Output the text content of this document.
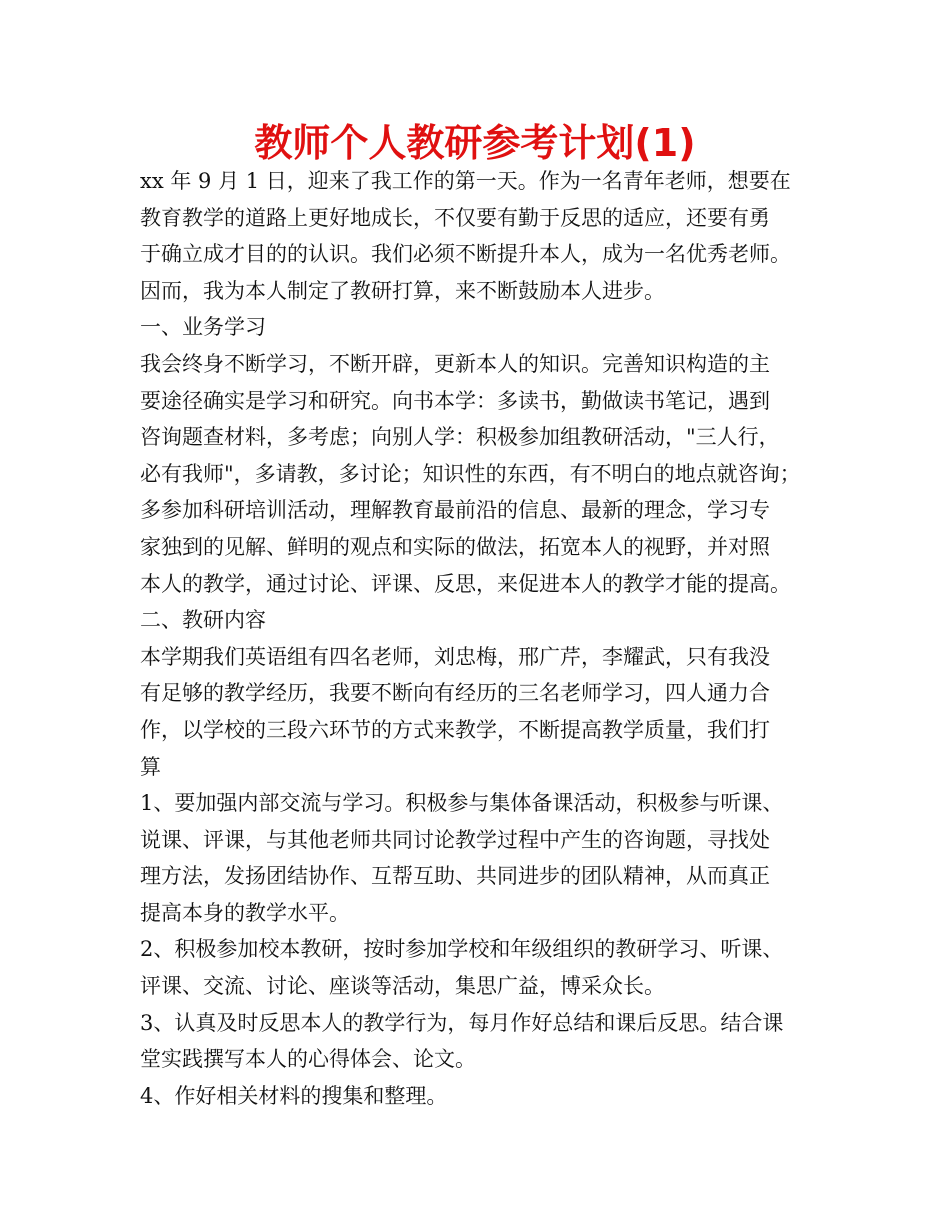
教师个人教研参考计划(1)
xx 年 9 月 1 日，迎来了我工作的第一天。作为一名青年老师，想要在
教育教学的道路上更好地成长，不仅要有勤于反思的适应，还要有勇
于确立成才目的的认识。我们必须不断提升本人，成为一名优秀老师。
因而，我为本人制定了教研打算，来不断鼓励本人进步。
一、业务学习
我会终身不断学习，不断开辟，更新本人的知识。完善知识构造的主
要途径确实是学习和研究。向书本学：多读书，勤做读书笔记，遇到
咨询题查材料，多考虑；向别人学：积极参加组教研活动，"三人行，
必有我师"，多请教，多讨论；知识性的东西，有不明白的地点就咨询；
多参加科研培训活动，理解教育最前沿的信息、最新的理念，学习专
家独到的见解、鲜明的观点和实际的做法，拓宽本人的视野，并对照
本人的教学，通过讨论、评课、反思，来促进本人的教学才能的提高。
二、教研内容
本学期我们英语组有四名老师，刘忠梅，邢广芹，李耀武，只有我没
有足够的教学经历，我要不断向有经历的三名老师学习，四人通力合
作，以学校的三段六环节的方式来教学，不断提高教学质量，我们打
算
1、要加强内部交流与学习。积极参与集体备课活动，积极参与听课、
说课、评课，与其他老师共同讨论教学过程中产生的咨询题，寻找处
理方法，发扬团结协作、互帮互助、共同进步的团队精神，从而真正
提高本身的教学水平。
2、积极参加校本教研，按时参加学校和年级组织的教研学习、听课、
评课、交流、讨论、座谈等活动，集思广益，博采众长。
3、认真及时反思本人的教学行为，每月作好总结和课后反思。结合课
堂实践撰写本人的心得体会、论文。
4、作好相关材料的搜集和整理。
